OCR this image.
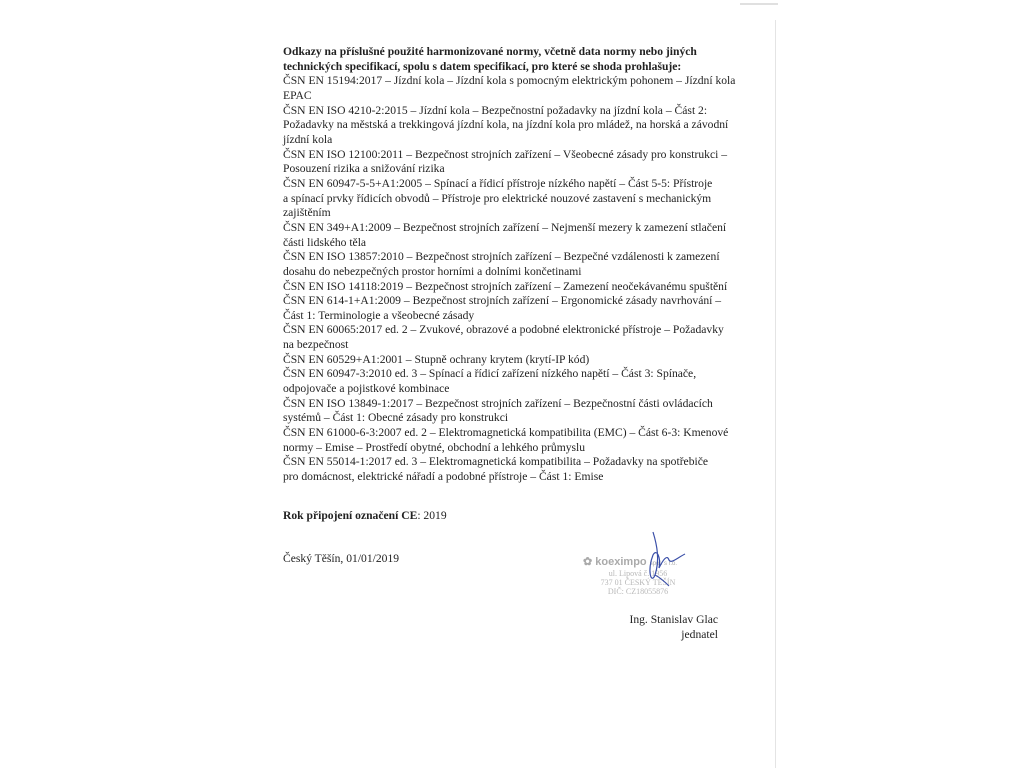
Odkazy na příslušné použité harmonizované normy, včetně data normy nebo jiných
technických specifikací, spolu s datem specifikací, pro které se shoda prohlašuje:
ČSN EN 15194:2017 – Jízdní kola – Jízdní kola s pomocným elektrickým pohonem – Jízdní kola
EPAC
ČSN EN ISO 4210-2:2015 – Jízdní kola – Bezpečnostní požadavky na jízdní kola – Část 2:
Požadavky na městská a trekkingová jízdní kola, na jízdní kola pro mládež, na horská a závodní
jízdní kola
ČSN EN ISO 12100:2011 – Bezpečnost strojních zařízení – Všeobecné zásady pro konstrukci –
Posouzení rizika a snižování rizika
ČSN EN 60947-5-5+A1:2005 – Spínací a řídicí přístroje nízkého napětí – Část 5-5: Přístroje
a spínací prvky řídicích obvodů – Přístroje pro elektrické nouzové zastavení s mechanickým
zajištěním
ČSN EN 349+A1:2009 – Bezpečnost strojních zařízení – Nejmenší mezery k zamezení stlačení
části lidského těla
ČSN EN ISO 13857:2010 – Bezpečnost strojních zařízení – Bezpečné vzdálenosti k zamezení
dosahu do nebezpečných prostor horními a dolními končetinami
ČSN EN ISO 14118:2019 – Bezpečnost strojních zařízení – Zamezení neočekávanému spuštění
ČSN EN 614-1+A1:2009 – Bezpečnost strojních zařízení – Ergonomické zásady navrhování –
Část 1: Terminologie a všeobecné zásady
ČSN EN 60065:2017 ed. 2 – Zvukové, obrazové a podobné elektronické přístroje – Požadavky
na bezpečnost
ČSN EN 60529+A1:2001 – Stupně ochrany krytem (krytí-IP kód)
ČSN EN 60947-3:2010 ed. 3 – Spínací a řídicí zařízení nízkého napětí – Část 3: Spínače,
odpojovače a pojistkové kombinace
ČSN EN ISO 13849-1:2017 – Bezpečnost strojních zařízení – Bezpečnostní části ovládacích
systémů – Část 1: Obecné zásady pro konstrukci
ČSN EN 61000-6-3:2007 ed. 2 – Elektromagnetická kompatibilita (EMC) – Část 6-3: Kmenové
normy – Emise – Prostředí obytné, obchodní a lehkého průmyslu
ČSN EN 55014-1:2017 ed. 3 – Elektromagnetická kompatibilita – Požadavky na spotřebiče
pro domácnost, elektrické nářadí a podobné přístroje – Část 1: Emise
Rok připojení označení CE: 2019
Český Těšín, 01/01/2019	✿ koeximpo spol. s r.o.
ul. Lipová č. 1956
737 01 ČESKÝ TĚŠÍN
DIČ: CZ18055876
Ing. Stanislav Glac
jednatel
